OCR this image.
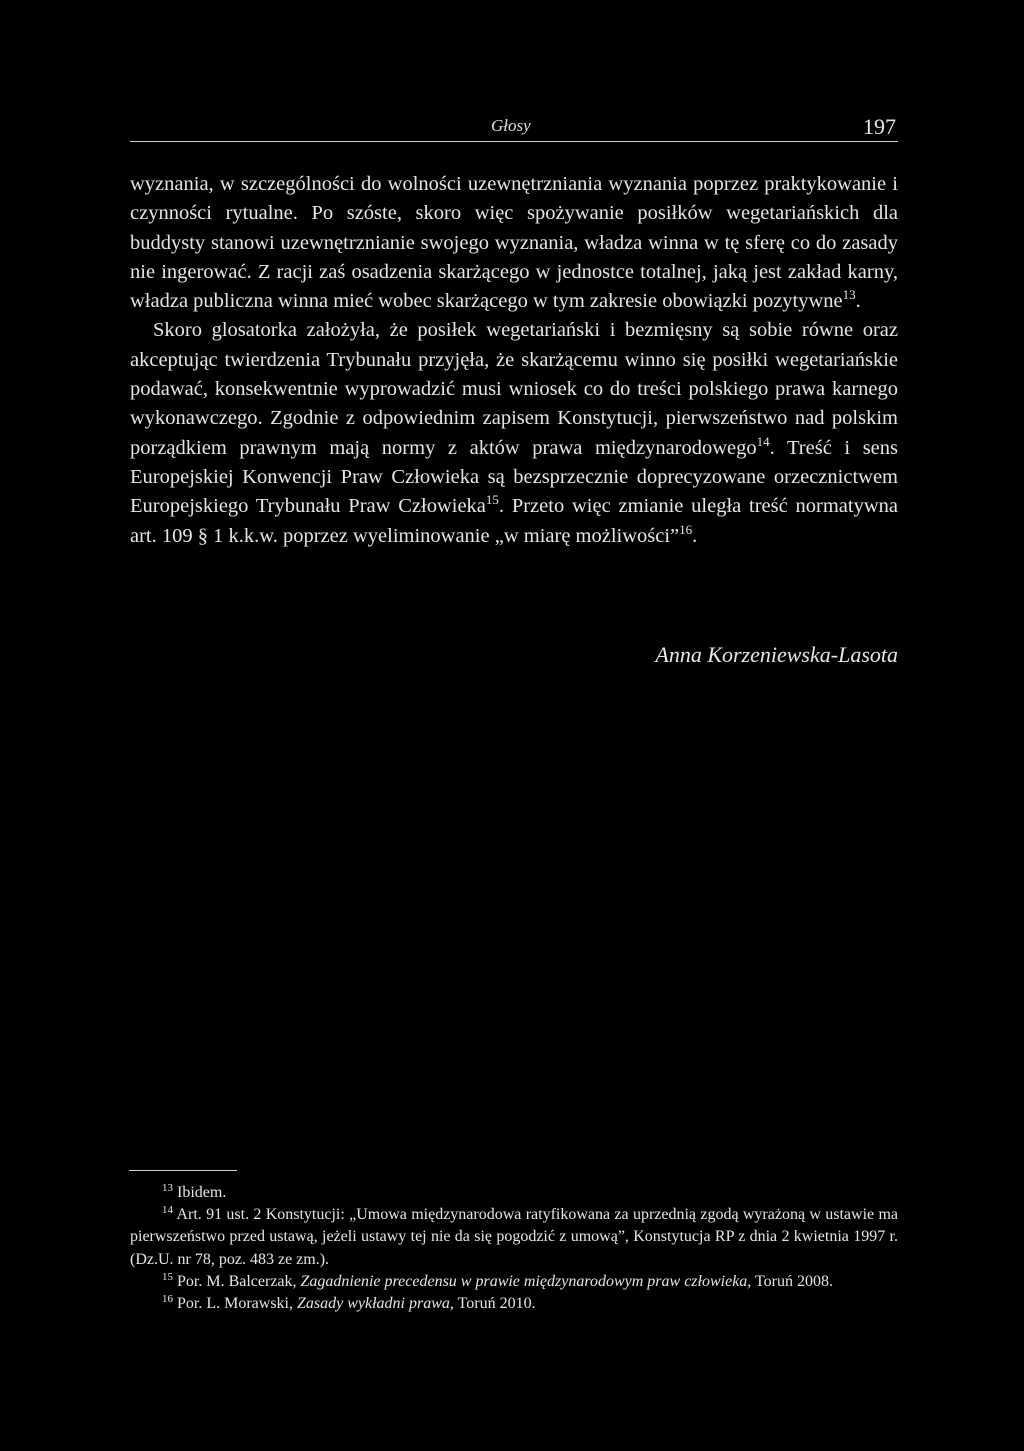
Głosy	197

wyznania, w szczególności do wolności uzewnętrzniania wyznania poprzez praktykowanie i czynności rytualne. Po szóste, skoro więc spożywanie posiłków wegetariańskich dla buddysty stanowi uzewnętrznianie swojego wyznania, władza winna w tę sferę co do zasady nie ingerować. Z racji zaś osadzenia skarżącego w jednostce totalnej, jaką jest zakład karny, władza publiczna winna mieć wobec skarżącego w tym zakresie obowiązki pozytywne$^{13}$.

Skoro glosatorka założyła, że posiłek wegetariański i bezmięsny są sobie równe oraz akceptując twierdzenia Trybunału przyjęła, że skarżącemu winno się posiłki wegetariańskie podawać, konsekwentnie wyprowadzić musi wniosek co do treści polskiego prawa karnego wykonawczego. Zgodnie z odpowiednim zapisem Konstytucji, pierwszeństwo nad polskim porządkiem prawnym mają normy z aktów prawa międzynarodowego$^{14}$. Treść i sens Europejskiej Konwencji Praw Człowieka są bezsprzecznie doprecyzowane orzecznictwem Europejskiego Trybunału Praw Człowieka$^{15}$. Przeto więc zmianie uległa treść normatywna art. 109 § 1 k.k.w. poprzez wyeliminowanie „w miarę możliwości”$^{16}$.

Anna Korzeniewska-Lasota

$^{13}$ Ibidem.

$^{14}$ Art. 91 ust. 2 Konstytucji: „Umowa międzynarodowa ratyfikowana za uprzednią zgodą wyrażoną w ustawie ma pierwszeństwo przed ustawą, jeżeli ustawy tej nie da się pogodzić z umową”, Konstytucja RP z dnia 2 kwietnia 1997 r. (Dz.U. nr 78, poz. 483 ze zm.).

$^{15}$ Por. M. Balcerzak, Zagadnienie precedensu w prawie międzynarodowym praw człowieka, Toruń 2008.

$^{16}$ Por. L. Morawski, Zasady wykładni prawa, Toruń 2010.
